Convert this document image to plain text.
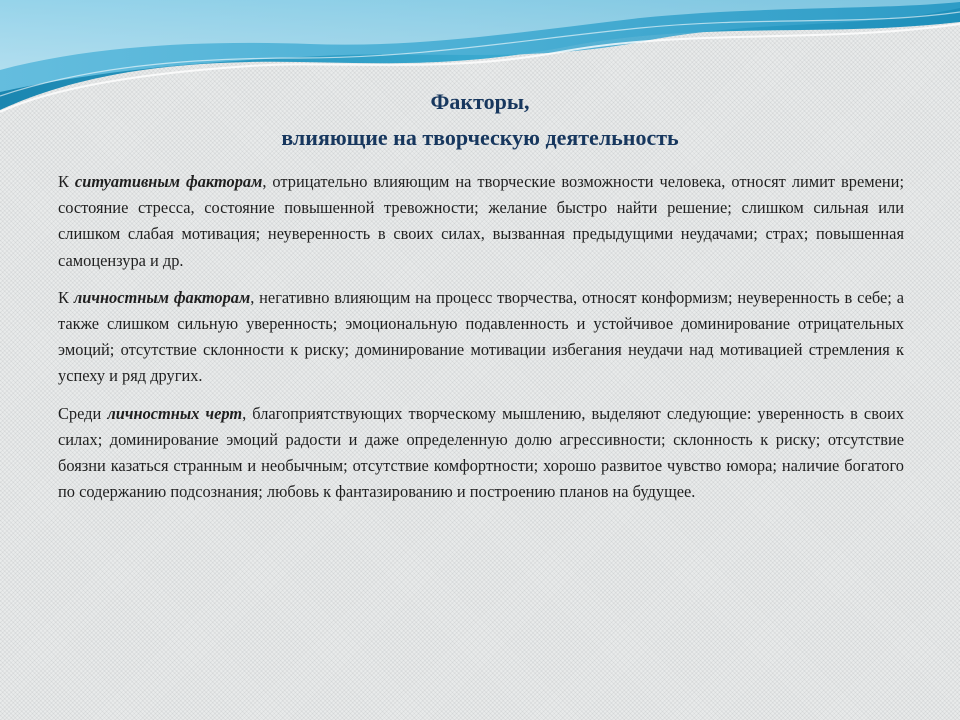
Факторы,
влияющие на творческую деятельность

К ситуативным факторам, отрицательно влияющим на творческие возможности человека, относят лимит времени; состояние стресса, состояние повышенной тревожности; желание быстро найти решение; слишком сильная или слишком слабая мотивация; неуверенность в своих силах, вызванная предыдущими неудачами; страх; повышенная самоцензура и др.

К личностным факторам, негативно влияющим на процесс творчества, относят конформизм; неуверенность в себе; а также слишком сильную уверенность; эмоциональную подавленность и устойчивое доминирование отрицательных эмоций; отсутствие склонности к риску; доминирование мотивации избегания неудачи над мотивацией стремления к успеху и ряд других.

Среди личностных черт, благоприятствующих творческому мышлению, выделяют следующие: уверенность в своих силах; доминирование эмоций радости и даже определенную долю агрессивности; склонность к риску; отсутствие боязни казаться странным и необычным; отсутствие комфортности; хорошо развитое чувство юмора; наличие богатого по содержанию подсознания; любовь к фантазированию и построению планов на будущее.
